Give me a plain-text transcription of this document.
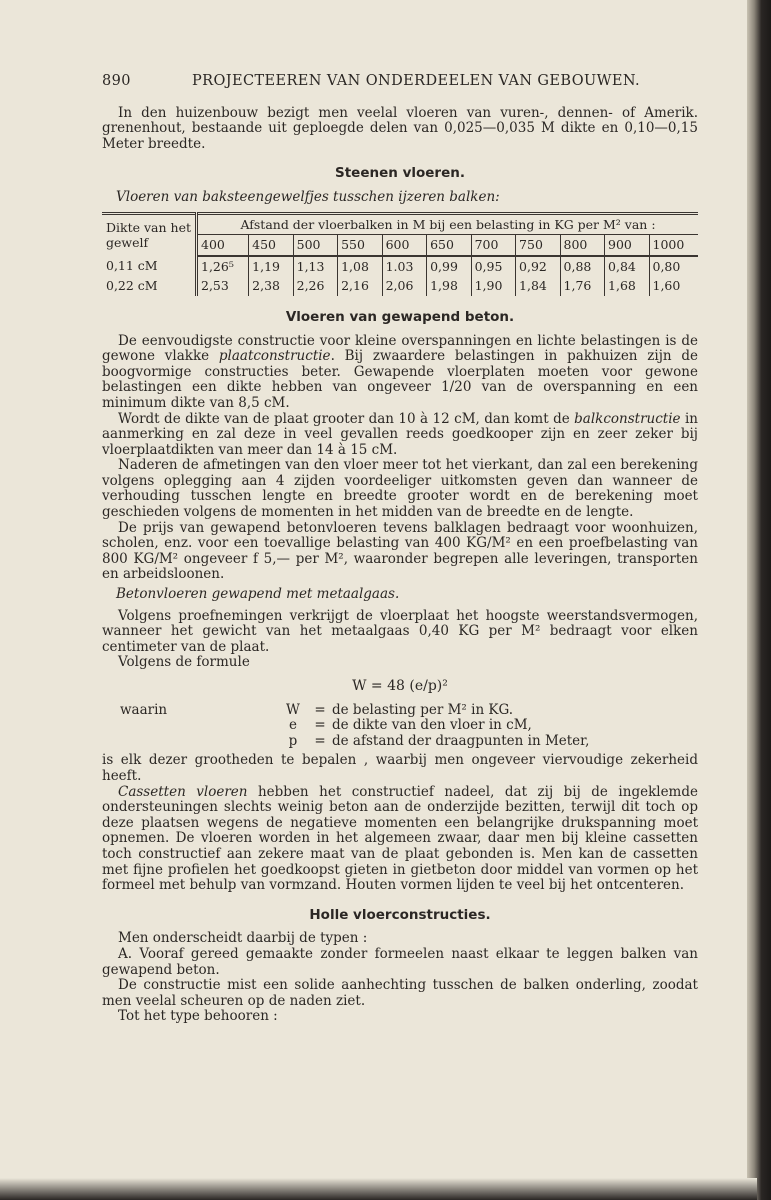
890	PROJECTEEREN VAN ONDERDEELEN VAN GEBOUWEN.

In den huizenbouw bezigt men veelal vloeren van vuren-, dennen- of Amerik. grenenhout, bestaande uit geploegde delen van 0,025—0,035 M dikte en 0,10—0,15 Meter breedte.

Steenen vloeren.
Vloeren van baksteengewelfjes tusschen ijzeren balken:
Dikte van het gewelf	Afstand der vloerbalken in M bij een belasting in KG per M² van :										
	400	450	500	550	600	650	700	750	800	900	1000
0,11 cM	1,26⁵	1,19	1,13	1,08	1.03	0,99	0,95	0,92	0,88	0,84	0,80
0,22 cM	2,53	2,38	2,26	2,16	2,06	1,98	1,90	1,84	1,76	1,68	1,60
Vloeren van gewapend beton.

De eenvoudigste constructie voor kleine overspanningen en lichte belastingen is de gewone vlakke plaatconstructie. Bij zwaardere belastingen in pakhuizen zijn de boogvormige constructies beter. Gewapende vloerplaten moeten voor gewone belastingen een dikte hebben van ongeveer 1/20 van de overspanning en een minimum dikte van 8,5 cM.

Wordt de dikte van de plaat grooter dan 10 à 12 cM, dan komt de balkconstructie in aanmerking en zal deze in veel gevallen reeds goedkooper zijn en zeer zeker bij vloerplaatdikten van meer dan 14 à 15 cM.

Naderen de afmetingen van den vloer meer tot het vierkant, dan zal een berekening volgens oplegging aan 4 zijden voordeeliger uitkomsten geven dan wanneer de verhouding tusschen lengte en breedte grooter wordt en de berekening moet geschieden volgens de momenten in het midden van de breedte en de lengte.

De prijs van gewapend betonvloeren tevens balklagen bedraagt voor woonhuizen, scholen, enz. voor een toevallige belasting van 400 KG/M² en een proefbelasting van 800 KG/M² ongeveer f 5,— per M², waaronder begrepen alle leveringen, transporten en arbeidsloonen.

Betonvloeren gewapend met metaalgaas.

Volgens proefnemingen verkrijgt de vloerplaat het hoogste weerstandsvermogen, wanneer het gewicht van het metaalgaas 0,40 KG per M² bedraagt voor elken centimeter van de plaat.

Volgens de formule

W = 48 (e/p)²
waarin	W	= de belasting per M² in KG.
e	= de dikte van den vloer in cM,
p	= de afstand der draagpunten in Meter,

is elk dezer grootheden te bepalen , waarbij men ongeveer viervoudige zekerheid heeft.

Cassetten vloeren hebben het constructief nadeel, dat zij bij de ingeklemde ondersteuningen slechts weinig beton aan de onderzijde bezitten, terwijl dit toch op deze plaatsen wegens de negatieve momenten een belangrijke drukspanning moet opnemen. De vloeren worden in het algemeen zwaar, daar men bij kleine cassetten toch constructief aan zekere maat van de plaat gebonden is. Men kan de cassetten met fijne profielen het goedkoopst gieten in gietbeton door middel van vormen op het formeel met behulp van vormzand. Houten vormen lijden te veel bij het ontcenteren.

Holle vloerconstructies.

Men onderscheidt daarbij de typen :

A. Vooraf gereed gemaakte zonder formeelen naast elkaar te leggen balken van gewapend beton.

De constructie mist een solide aanhechting tusschen de balken onderling, zoodat men veelal scheuren op de naden ziet.

Tot het type behooren :
